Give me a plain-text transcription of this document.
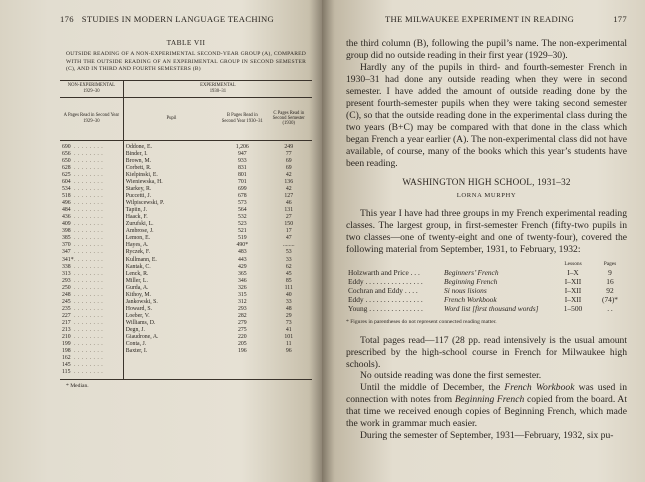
176 STUDIES IN MODERN LANGUAGE TEACHING
TABLE VII
OUTSIDE READING OF A NON-EXPERIMENTAL SECOND-YEAR GROUP (A), COMPARED WITH THE OUTSIDE READING OF AN EXPERIMENTAL GROUP IN SECOND SEMESTER (C), AND IN THIRD AND FOURTH SEMESTERS (B)
NON-EXPERIMENTAL
1929–30	EXPERIMENTAL
1930–31		
A Pages Read in Second Year 1929–30	Pupil	B Pages Read in Second Year 1930–31	C Pages Read in Second Semester (1930)
690 . . . . . . . .	Oddone, E.	1,206	249
656 . . . . . . . .	Binder, I.	947	77
650 . . . . . . . .	Brown, M.	933	69
628 . . . . . . . .	Corbett, R.	831	69
625 . . . . . . . .	Kielpinski, E.	801	42
604 . . . . . . . .	Wieniewska, H.	701	136
534 . . . . . . . .	Starkey, R.	699	42
518 . . . . . . . .	Puccetti, J.	678	127
496 . . . . . . . .	Wilpiscewski, P.	573	46
484 . . . . . . . .	Tapiin, J.	564	131
436 . . . . . . . .	Haack, F.	532	27
409 . . . . . . . .	Zurufski, L.	523	150
398 . . . . . . . .	Ambrose, J.	521	17
385 . . . . . . . .	Lemon, E.	519	47
370 . . . . . . . .	Hayes, A.	490*	........
347 . . . . . . . .	Ryczek, F.	483	53
341*. . . . . . . .	Kullmann, E.	443	33
338 . . . . . . . .	Kantak, C.	429	62
313 . . . . . . . .	Lenck, R.	365	45
293 . . . . . . . .	Miller, L.	346	85
250 . . . . . . . .	Gurda, A.	326	111
248 . . . . . . . .	Kithoy, M.	315	40
245 . . . . . . . .	Jankowski, S.	312	33
235 . . . . . . . .	Howard, S.	293	48
227 . . . . . . . .	Loeber, V.	282	29
217 . . . . . . . .	Williams, D.	279	73
213 . . . . . . . .	Degn, J.	275	41
210 . . . . . . . .	Giaudrone, A.	220	101
199 . . . . . . . .	Conta, J.	205	11
198 . . . . . . . .	Baxter, I.	196	96
162 . . . . . . . .			
145 . . . . . . . .			
115 . . . . . . . .			
* Median.
THE MILWAUKEE EXPERIMENT IN READING	177

the third column (B), following the pupil’s name. The non-experimental group did no outside reading in their first year (1929–30).

Hardly any of the pupils in third- and fourth-semester French in 1930–31 had done any outside reading when they were in second semester. I have added the amount of outside reading done by the present fourth-semester pupils when they were taking second semester (C), so that the outside reading done in the experimental class during the two years (B+C) may be compared with that done in the class which began French a year earlier (A). The non-experimental class did not have available, of course, many of the books which this year’s students have been reading.

WASHINGTON HIGH SCHOOL, 1931–32
LORNA MURPHY

This year I have had three groups in my French experimental reading classes. The largest group, in first-semester French (fifty-two pupils in two classes—one of twenty-eight and one of twenty-four), covered the following material from September, 1931, to February, 1932:

		Lessons	Pages
Holzwarth and Price . . .	Beginners’ French	I–X	9
Eddy . . . . . . . . . . . . . . . .	Beginning French	I–XII	16
Cochran and Eddy . . . .	Si nous lisions	I–XII	92
Eddy . . . . . . . . . . . . . . . .	French Workbook	I–XII	(74)*
Young . . . . . . . . . . . . . . .	Word list [first thousand words]	1–500	. .
* Figures in parentheses do not represent connected reading matter.

Total pages read—117 (28 pp. read intensively is the usual amount prescribed by the high-school course in French for Milwaukee high schools).

No outside reading was done the first semester.

Until the middle of December, the French Workbook was used in connection with notes from Beginning French copied from the board. At that time we received enough copies of Beginning French, which made the work in grammar much easier.

During the semester of September, 1931—February, 1932, six pu-
